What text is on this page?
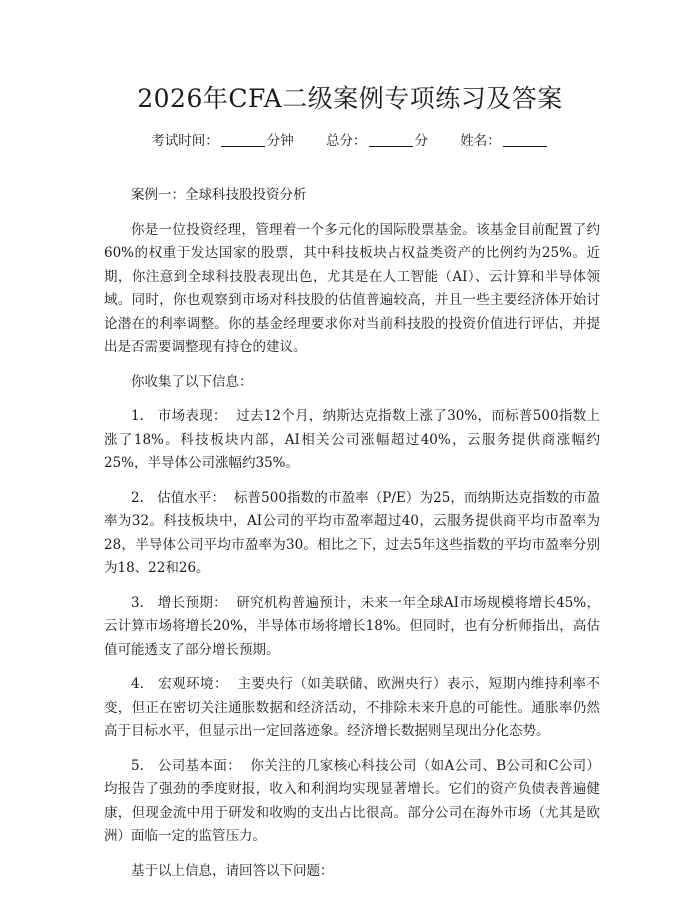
2026年CFA二级案例专项练习及答案
考试时间：	分钟 总分：	分 姓名：

案例一：全球科技股投资分析

你是一位投资经理，管理着一个多元化的国际股票基金。该基金目前配置了约60%的权重于发达国家的股票，其中科技板块占权益类资产的比例约为25%。近期，你注意到全球科技股表现出色，尤其是在人工智能（AI）、云计算和半导体领域。同时，你也观察到市场对科技股的估值普遍较高，并且一些主要经济体开始讨论潜在的利率调整。你的基金经理要求你对当前科技股的投资价值进行评估，并提出是否需要调整现有持仓的建议。

你收集了以下信息：

1. 市场表现： 过去12个月，纳斯达克指数上涨了30%，而标普500指数上涨了18%。科技板块内部，AI相关公司涨幅超过40%，云服务提供商涨幅约25%，半导体公司涨幅约35%。

2. 估值水平： 标普500指数的市盈率（P/E）为25，而纳斯达克指数的市盈率为32。科技板块中，AI公司的平均市盈率超过40，云服务提供商平均市盈率为28，半导体公司平均市盈率为30。相比之下，过去5年这些指数的平均市盈率分别为18、22和26。

3. 增长预期： 研究机构普遍预计，未来一年全球AI市场规模将增长45%，云计算市场将增长20%，半导体市场将增长18%。但同时，也有分析师指出，高估值可能透支了部分增长预期。

4. 宏观环境： 主要央行（如美联储、欧洲央行）表示，短期内维持利率不变，但正在密切关注通胀数据和经济活动，不排除未来升息的可能性。通胀率仍然高于目标水平，但显示出一定回落迹象。经济增长数据则呈现出分化态势。

5. 公司基本面： 你关注的几家核心科技公司（如A公司、B公司和C公司）均报告了强劲的季度财报，收入和利润均实现显著增长。它们的资产负债表普遍健康，但现金流中用于研发和收购的支出占比很高。部分公司在海外市场（尤其是欧洲）面临一定的监管压力。

基于以上信息，请回答以下问题：
